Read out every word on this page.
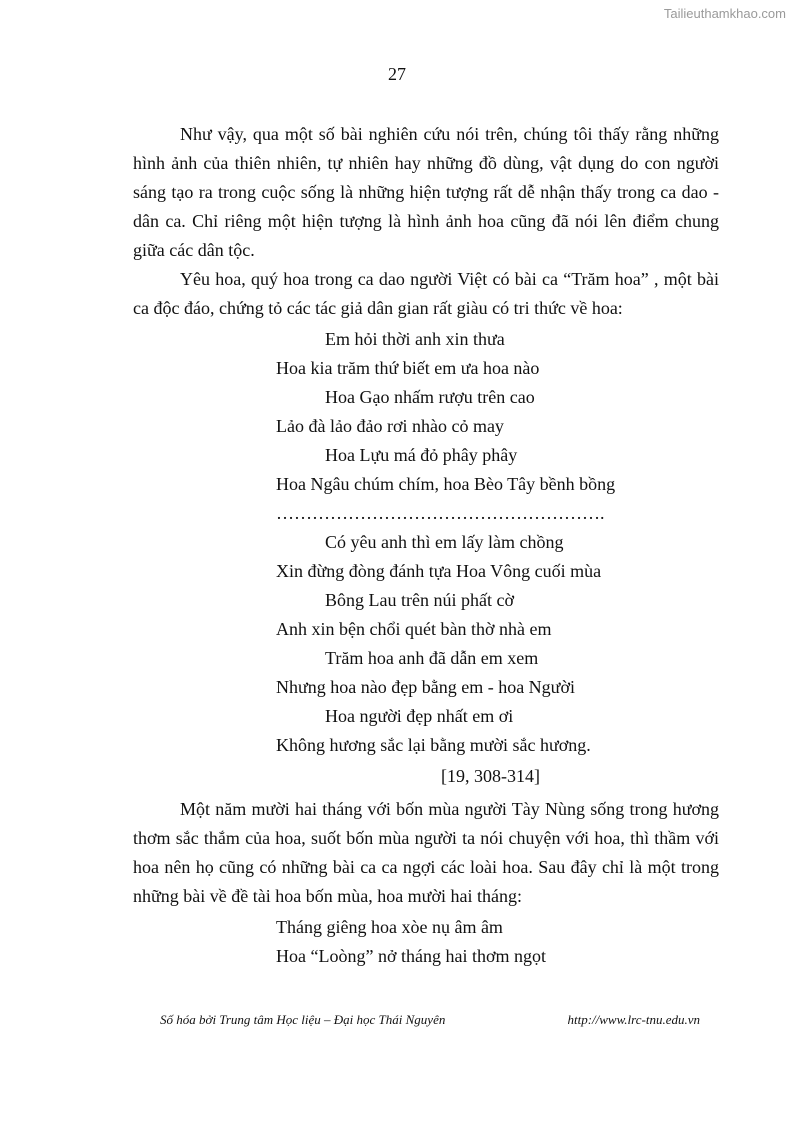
Tailieuthamkhao.com
27

Như vậy, qua một số bài nghiên cứu nói trên, chúng tôi thấy rằng những hình ảnh của thiên nhiên, tự nhiên hay những đồ dùng, vật dụng do con người sáng tạo ra trong cuộc sống là những hiện tượng rất dễ nhận thấy trong ca dao - dân ca. Chỉ riêng một hiện tượng là hình ảnh hoa cũng đã nói lên điểm chung giữa các dân tộc.

Yêu hoa, quý hoa trong ca dao người Việt có bài ca “Trăm hoa” , một bài ca độc đáo, chứng tỏ các tác giả dân gian rất giàu có tri thức về hoa:

Em hỏi thời anh xin thưa
Hoa kia trăm thứ biết em ưa hoa nào
Hoa Gạo nhấm rượu trên cao
Lảo đà lảo đảo rơi nhào cỏ may
Hoa Lựu má đỏ phây phây
Hoa Ngâu chúm chím, hoa Bèo Tây bềnh bồng
……………………………………………….
Có yêu anh thì em lấy làm chồng
Xin đừng đòng đánh tựa Hoa Vông cuối mùa
Bông Lau trên núi phất cờ
Anh xin bện chổi quét bàn thờ nhà em
Trăm hoa anh đã dẫn em xem
Nhưng hoa nào đẹp bằng em - hoa Người
Hoa người đẹp nhất em ơi
Không hương sắc lại bằng mười sắc hương.

[19, 308-314]

Một năm mười hai tháng với bốn mùa người Tày Nùng sống trong hương thơm sắc thắm của hoa, suốt bốn mùa người ta nói chuyện với hoa, thì thầm với hoa nên họ cũng có những bài ca ca ngợi các loài hoa. Sau đây chỉ là một trong những bài về đề tài hoa bốn mùa, hoa mười hai tháng:

Tháng giêng hoa xòe nụ âm âm
Hoa “Loòng” nở tháng hai thơm ngọt
Số hóa bởi Trung tâm Học liệu – Đại học Thái Nguyên	http://www.lrc-tnu.edu.vn
